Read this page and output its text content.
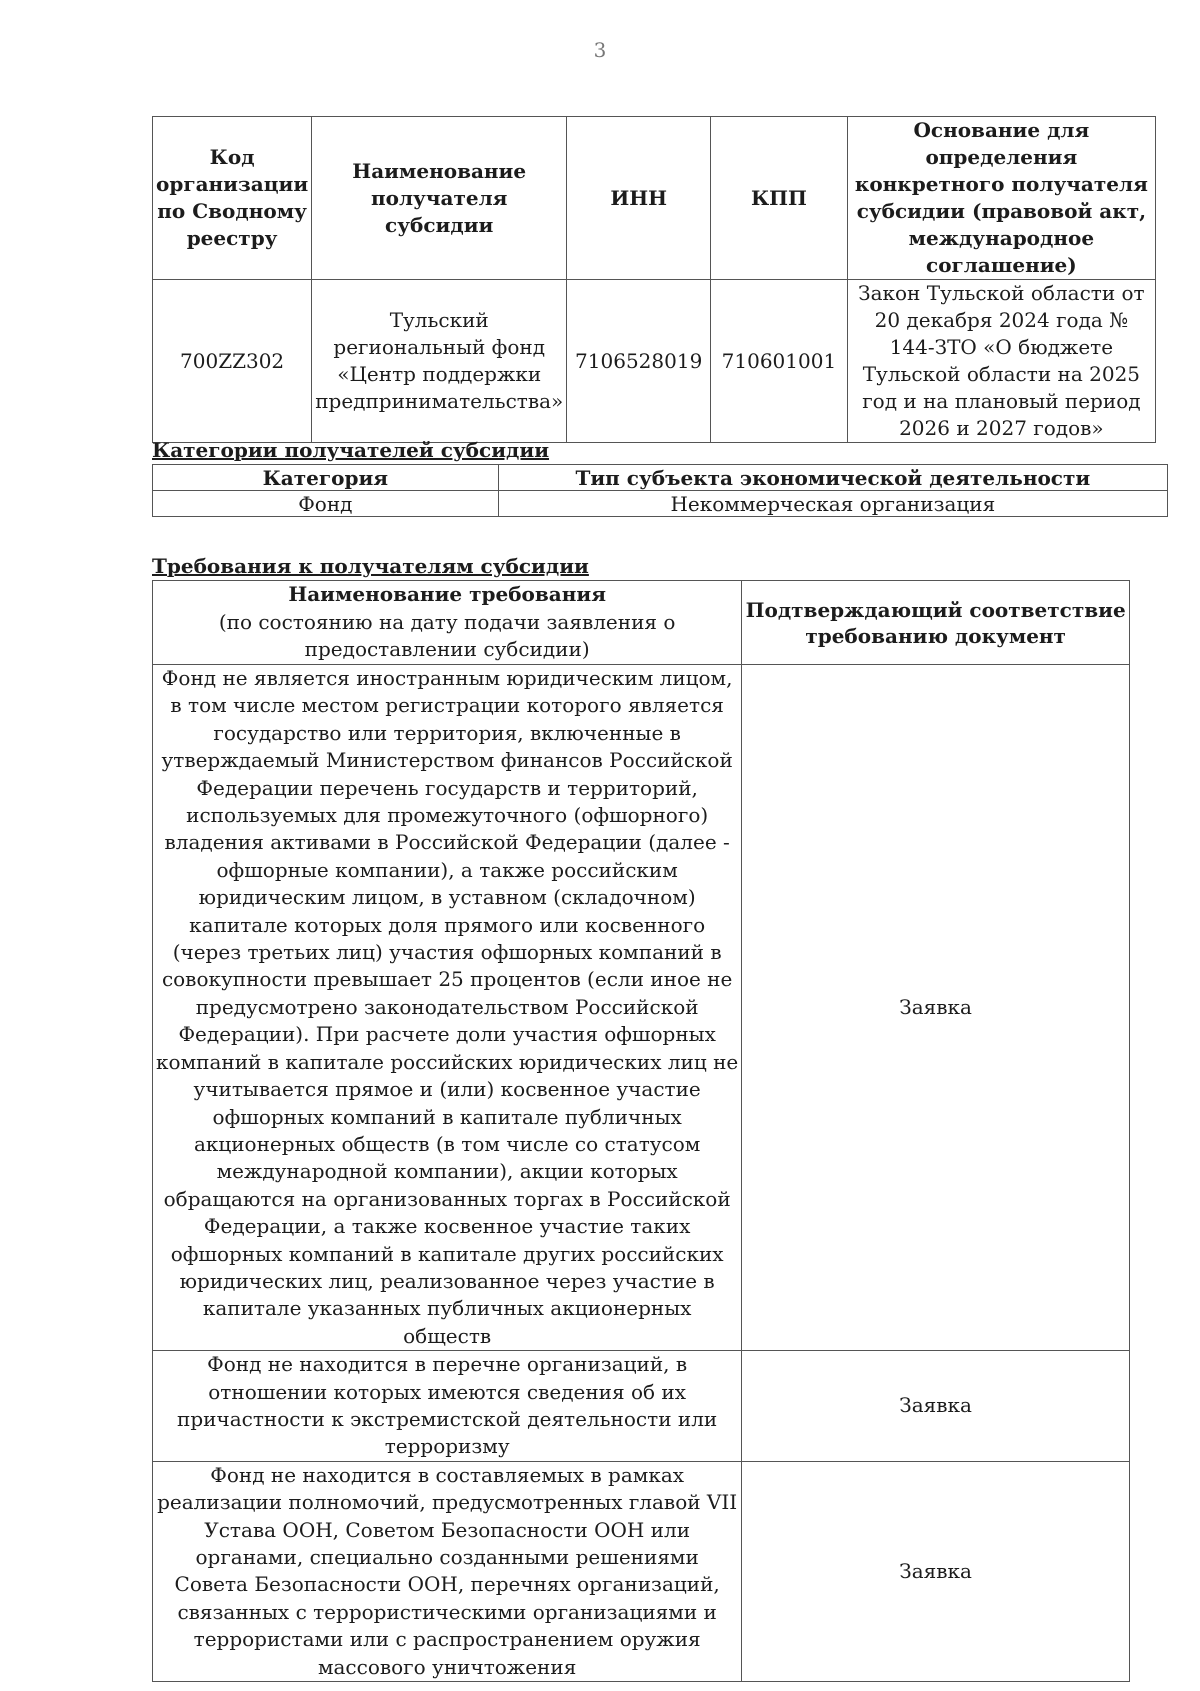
3
Код организации по Сводному реестру	Наименование получателя субсидии	ИНН	КПП	Основание для определения конкретного получателя субсидии (правовой акт, международное соглашение)
700ZZ302	Тульский региональный фонд «Центр поддержки предпринимательства»	7106528019	710601001	Закон Тульской области от 20 декабря 2024 года № 144-ЗТО «О бюджете Тульской области на 2025 год и на плановый период 2026 и 2027 годов»
Категории получателей субсидии
Категория	Тип субъекта экономической деятельности
Фонд	Некоммерческая организация
Требования к получателям субсидии
Наименование требования
(по состоянию на дату подачи заявления о предоставлении субсидии)	Подтверждающий соответствие требованию документ
Фонд не является иностранным юридическим лицом, в том числе местом регистрации которого является государство или территория, включенные в утверждаемый Министерством финансов Российской Федерации перечень государств и территорий, используемых для промежуточного (офшорного) владения активами в Российской Федерации (далее - офшорные компании), а также российским юридическим лицом, в уставном (складочном) капитале которых доля прямого или косвенного (через третьих лиц) участия офшорных компаний в совокупности превышает 25 процентов (если иное не предусмотрено законодательством Российской Федерации). При расчете доли участия офшорных компаний в капитале российских юридических лиц не учитывается прямое и (или) косвенное участие офшорных компаний в капитале публичных акционерных обществ (в том числе со статусом международной компании), акции которых обращаются на организованных торгах в Российской Федерации, а также косвенное участие таких офшорных компаний в капитале других российских юридических лиц, реализованное через участие в капитале указанных публичных акционерных обществ	Заявка
Фонд не находится в перечне организаций, в отношении которых имеются сведения об их причастности к экстремистской деятельности или терроризму	Заявка
Фонд не находится в составляемых в рамках реализации полномочий, предусмотренных главой VII Устава ООН, Советом Безопасности ООН или органами, специально созданными решениями Совета Безопасности ООН, перечнях организаций, связанных с террористическими организациями и террористами или с распространением оружия массового уничтожения	Заявка
